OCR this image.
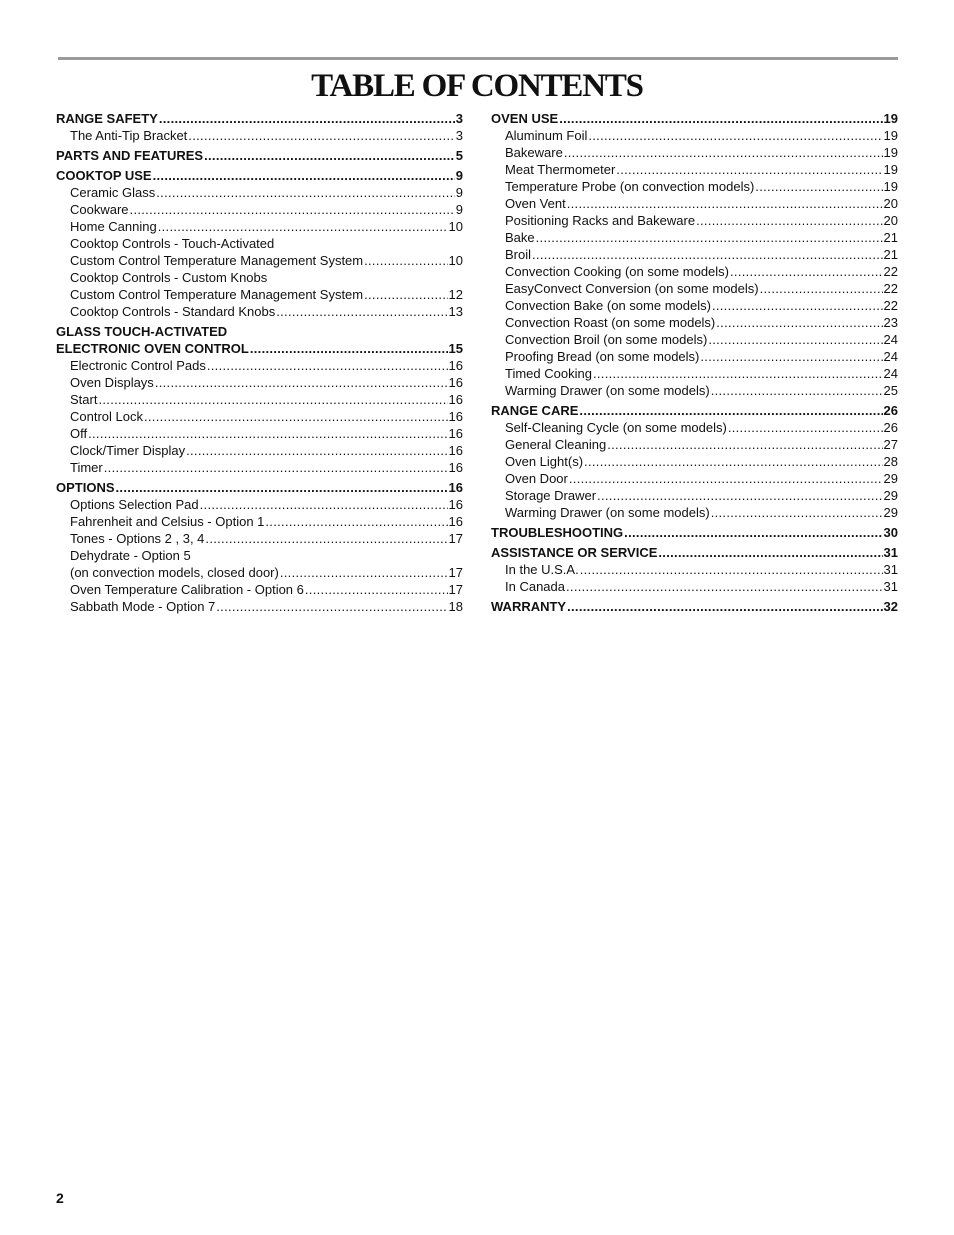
TABLE OF CONTENTS
RANGE SAFETY .....	3
The Anti-Tip Bracket .....	3
PARTS AND FEATURES .....	5
COOKTOP USE .....	9
Ceramic Glass .....	9
Cookware .....	9
Home Canning .....	10
Cooktop Controls - Touch-Activated
Custom Control Temperature Management System .....	10
Cooktop Controls - Custom Knobs
Custom Control Temperature Management System .....	12
Cooktop Controls - Standard Knobs .....	13
GLASS TOUCH-ACTIVATED
ELECTRONIC OVEN CONTROL .....	15
Electronic Control Pads .....	16
Oven Displays .....	16
Start .....	16
Control Lock .....	16
Off .....	16
Clock/Timer Display .....	16
Timer .....	16
OPTIONS .....	16
Options Selection Pad .....	16
Fahrenheit and Celsius - Option 1 .....	16
Tones - Options 2 , 3, 4 .....	17
Dehydrate - Option 5
(on convection models, closed door) .....	17
Oven Temperature Calibration - Option 6 .....	17
Sabbath Mode - Option 7 .....	18
OVEN USE .....	19
Aluminum Foil .....	19
Bakeware .....	19
Meat Thermometer .....	19
Temperature Probe (on convection models) .....	19
Oven Vent .....	20
Positioning Racks and Bakeware .....	20
Bake .....	21
Broil .....	21
Convection Cooking (on some models) .....	22
EasyConvect Conversion (on some models) .....	22
Convection Bake (on some models) .....	22
Convection Roast (on some models) .....	23
Convection Broil (on some models) .....	24
Proofing Bread (on some models) .....	24
Timed Cooking .....	24
Warming Drawer (on some models) .....	25
RANGE CARE .....	26
Self-Cleaning Cycle (on some models) .....	26
General Cleaning .....	27
Oven Light(s) .....	28
Oven Door .....	29
Storage Drawer .....	29
Warming Drawer (on some models) .....	29
TROUBLESHOOTING .....	30
ASSISTANCE OR SERVICE .....	31
In the U.S.A. .....	31
In Canada .....	31
WARRANTY .....	32
2
